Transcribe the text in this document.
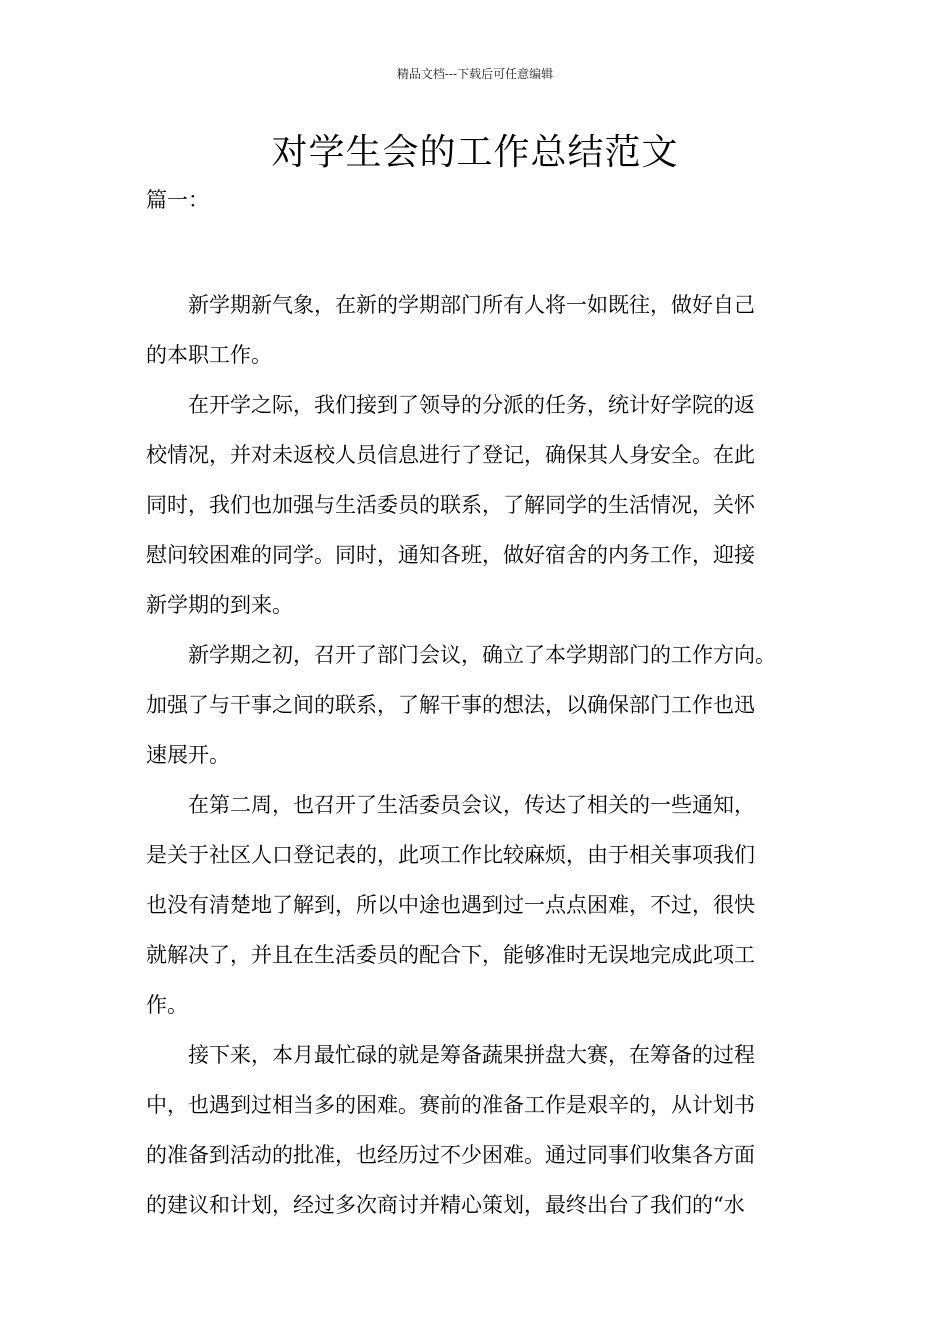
精品文档---下载后可任意编辑
对学生会的工作总结范文
篇一：

新学期新气象，在新的学期部门所有人将一如既往，做好自己
的本职工作。

在开学之际，我们接到了领导的分派的任务，统计好学院的返
校情况，并对未返校人员信息进行了登记，确保其人身安全。在此
同时，我们也加强与生活委员的联系，了解同学的生活情况，关怀
慰问较困难的同学。同时，通知各班，做好宿舍的内务工作，迎接
新学期的到来。

新学期之初，召开了部门会议，确立了本学期部门的工作方向。
加强了与干事之间的联系，了解干事的想法，以确保部门工作也迅
速展开。

在第二周，也召开了生活委员会议，传达了相关的一些通知，
是关于社区人口登记表的，此项工作比较麻烦，由于相关事项我们
也没有清楚地了解到，所以中途也遇到过一点点困难，不过，很快
就解决了，并且在生活委员的配合下，能够准时无误地完成此项工
作。

接下来，本月最忙碌的就是筹备蔬果拼盘大赛，在筹备的过程
中，也遇到过相当多的困难。赛前的准备工作是艰辛的，从计划书
的准备到活动的批准，也经历过不少困难。通过同事们收集各方面
的建议和计划，经过多次商讨并精心策划，最终出台了我们的“水
